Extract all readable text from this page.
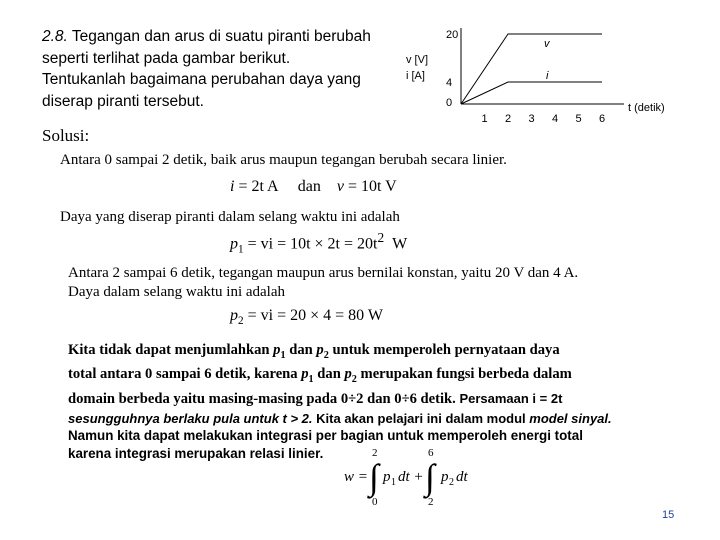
2.8. Tegangan dan arus di suatu piranti berubah
seperti terlihat pada gambar berikut.
Tentukanlah bagaimana perubahan daya yang
diserap piranti tersebut.
v [V]
i [A]
20
4
0
1 2 3 4 5 6
v
i
t (detik)
Solusi:
Antara 0 sampai 2 detik, baik arus maupun tegangan berubah secara linier.
i = 2t A dan v = 10t V
Daya yang diserap piranti dalam selang waktu ini adalah
$p_1$ = vi = $10t \times 2t = 20t^2$ W
Antara 2 sampai 6 detik, tegangan maupun arus bernilai konstan, yaitu 20 V dan 4 A.
Daya dalam selang waktu ini adalah
$p_2$ = vi = 20 × 4 = 80 W
Kita tidak dapat menjumlahkan $p_1$ dan $p_2$ untuk memperoleh pernyataan daya
total antara 0 sampai 6 detik, karena $p_1$ dan $p_2$ merupakan fungsi berbeda dalam
domain berbeda yaitu masing-masing pada 0÷2 dan 0÷6 detik. Persamaan i = 2t
sesungguhnya berlaku pula untuk t > 2. Kita akan pelajari ini dalam modul model sinyal.
Namun kita dapat melakukan integrasi per bagian untuk memperoleh energi total
karena integrasi merupakan relasi linier.
w =
2
∫
0
p 1 dt +
6
∫
2
p 2 dt
15
